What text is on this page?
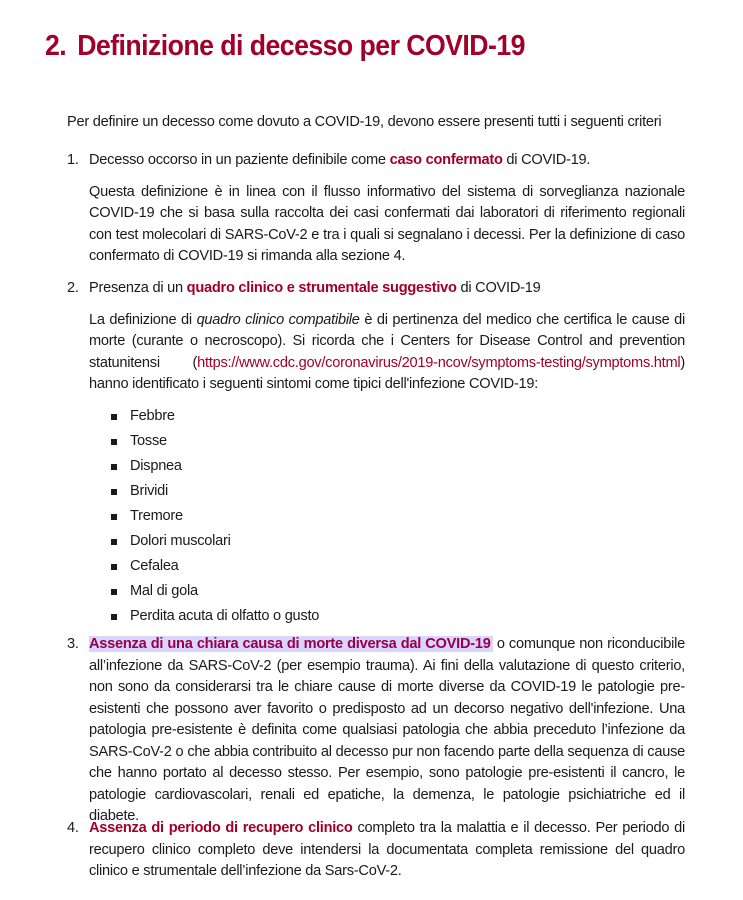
2. Definizione di decesso per COVID-19
Per definire un decesso come dovuto a COVID-19, devono essere presenti tutti i seguenti criteri
1. Decesso occorso in un paziente definibile come caso confermato di COVID-19.
Questa definizione è in linea con il flusso informativo del sistema di sorveglianza nazionale COVID-19 che si basa sulla raccolta dei casi confermati dai laboratori di riferimento regionali con test molecolari di SARS-CoV-2 e tra i quali si segnalano i decessi. Per la definizione di caso confermato di COVID-19 si rimanda alla sezione 4.
2. Presenza di un quadro clinico e strumentale suggestivo di COVID-19
La definizione di quadro clinico compatibile è di pertinenza del medico che certifica le cause di morte (curante o necroscopo). Si ricorda che i Centers for Disease Control and prevention statunitensi (https://www.cdc.gov/coronavirus/2019-ncov/symptoms-testing/symptoms.html) hanno identificato i seguenti sintomi come tipici dell'infezione COVID-19:
Febbre
Tosse
Dispnea
Brividi
Tremore
Dolori muscolari
Cefalea
Mal di gola
Perdita acuta di olfatto o gusto
3. Assenza di una chiara causa di morte diversa dal COVID-19 o comunque non riconducibile all’infezione da SARS-CoV-2 (per esempio trauma). Ai fini della valutazione di questo criterio, non sono da considerarsi tra le chiare cause di morte diverse da COVID-19 le patologie pre-esistenti che possono aver favorito o predisposto ad un decorso negativo dell'infezione. Una patologia pre-esistente è definita come qualsiasi patologia che abbia preceduto l’infezione da SARS-CoV-2 o che abbia contribuito al decesso pur non facendo parte della sequenza di cause che hanno portato al decesso stesso. Per esempio, sono patologie pre-esistenti il cancro, le patologie cardiovascolari, renali ed epatiche, la demenza, le patologie psichiatriche ed il diabete.
4. Assenza di periodo di recupero clinico completo tra la malattia e il decesso. Per periodo di recupero clinico completo deve intendersi la documentata completa remissione del quadro clinico e strumentale dell’infezione da Sars-CoV-2.
